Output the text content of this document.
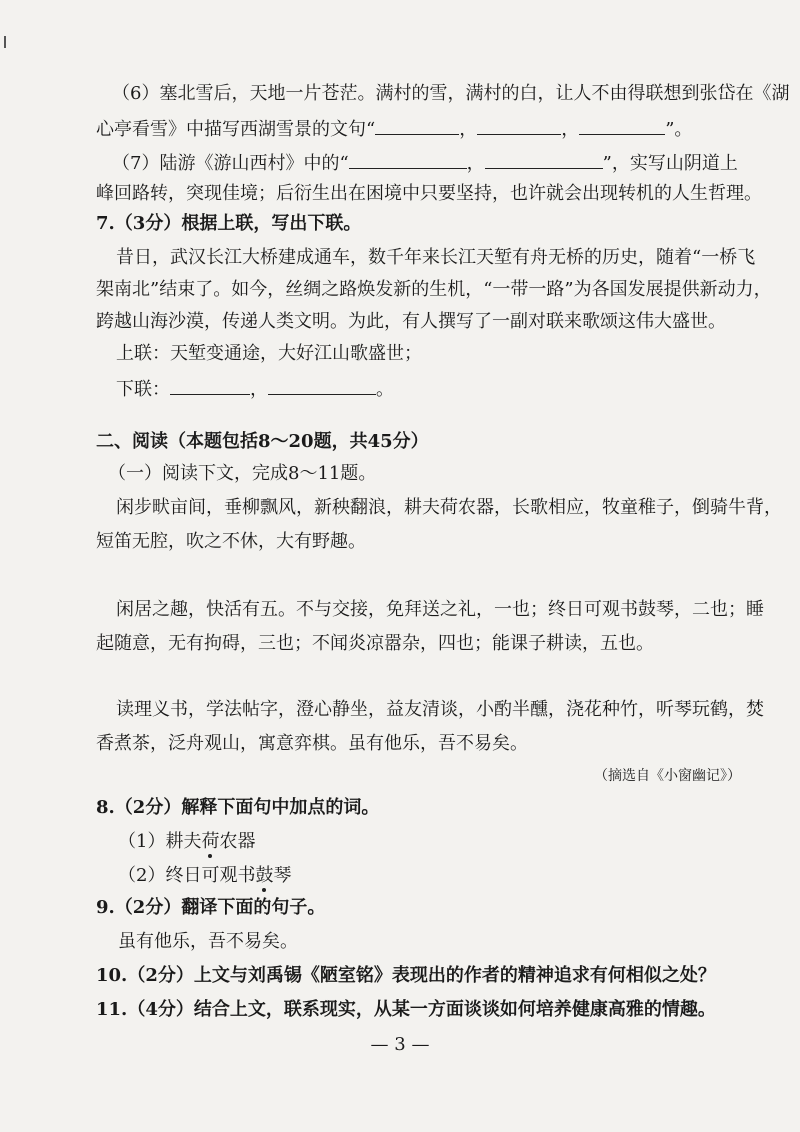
（6）塞北雪后，天地一片苍茫。满村的雪，满村的白，让人不由得联想到张岱在《湖
心亭看雪》中描写西湖雪景的文句“	，	，	”。
（7）陆游《游山西村》中的“	，	”，实写山阴道上
峰回路转，突现佳境；后衍生出在困境中只要坚持，也许就会出现转机的人生哲理。
7.（3分）根据上联，写出下联。
昔日，武汉长江大桥建成通车，数千年来长江天堑有舟无桥的历史，随着“一桥飞
架南北”结束了。如今，丝绸之路焕发新的生机，“一带一路”为各国发展提供新动力，
跨越山海沙漠，传递人类文明。为此，有人撰写了一副对联来歌颂这伟大盛世。
上联：天堑变通途，大好江山歌盛世；
下联：	，	。
二、阅读（本题包括8～20题，共45分）
（一）阅读下文，完成8～11题。
闲步畎亩间，垂柳飘风，新秧翻浪，耕夫荷农器，长歌相应，牧童稚子，倒骑牛背，
短笛无腔，吹之不休，大有野趣。
闲居之趣，快活有五。不与交接，免拜送之礼，一也；终日可观书鼓琴，二也；睡
起随意，无有拘碍，三也；不闻炎凉嚣杂，四也；能课子耕读，五也。
读理义书，学法帖字，澄心静坐，益友清谈，小酌半醺，浇花种竹，听琴玩鹤，焚
香煮茶，泛舟观山，寓意弈棋。虽有他乐，吾不易矣。
（摘选自《小窗幽记》）
8.（2分）解释下面句中加点的词。
（1）耕夫荷农器
（2）终日可观书鼓琴
9.（2分）翻译下面的句子。
虽有他乐，吾不易矣。
10.（2分）上文与刘禹锡《陋室铭》表现出的作者的精神追求有何相似之处？
11.（4分）结合上文，联系现实，从某一方面谈谈如何培养健康高雅的情趣。
— 3 —
